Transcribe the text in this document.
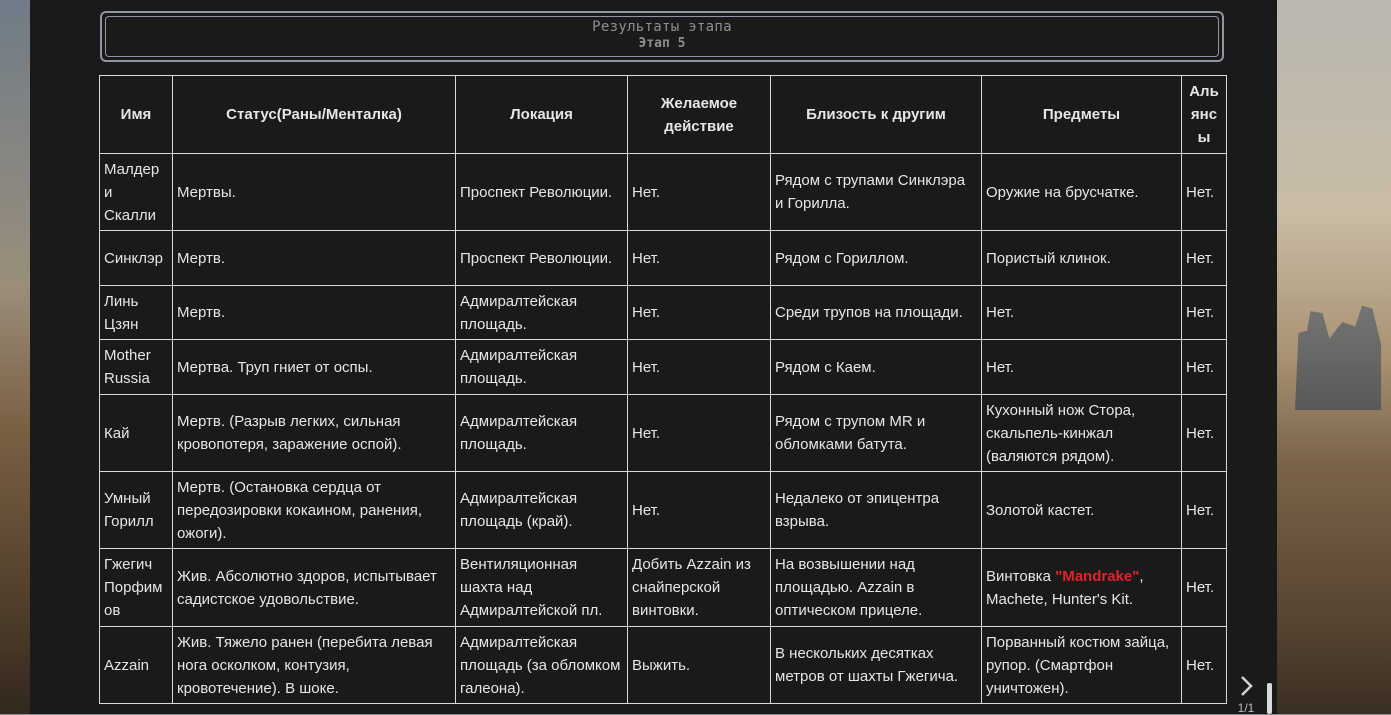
Результаты этапа
Этап 5
Имя	Статус(Раны/Менталка)	Локация	Желаемое действие	Близость к другим	Предметы	Альянсы
Малдер и Скалли	Мертвы.	Проспект Революции.	Нет.	Рядом с трупами Синклэра и Горилла.	Оружие на брусчатке.	Нет.
Синклэр	Мертв.	Проспект Революции.	Нет.	Рядом с Гориллом.	Пористый клинок.	Нет.
Линь Цзян	Мертв.	Адмиралтейская площадь.	Нет.	Среди трупов на площади.	Нет.	Нет.
Mother Russia	Мертва. Труп гниет от оспы.	Адмиралтейская площадь.	Нет.	Рядом с Каем.	Нет.	Нет.
Кай	Мертв. (Разрыв легких, сильная кровопотеря, заражение оспой).	Адмиралтейская площадь.	Нет.	Рядом с трупом MR и обломками батута.	Кухонный нож Стора, скальпель-кинжал (валяются рядом).	Нет.
Умный Горилл	Мертв. (Остановка сердца от передозировки кокаином, ранения, ожоги).	Адмиралтейская площадь (край).	Нет.	Недалеко от эпицентра взрыва.	Золотой кастет.	Нет.
Гжегич Порфимов	Жив. Абсолютно здоров, испытывает садистское удовольствие.	Вентиляционная шахта над Адмиралтейской пл.	Добить Azzain из снайперской винтовки.	На возвышении над площадью. Azzain в оптическом прицеле.	Винтовка "Mandrake", Machete, Hunter's Kit.	Нет.
Azzain	Жив. Тяжело ранен (перебита левая нога осколком, контузия, кровотечение). В шоке.	Адмиралтейская площадь (за обломком галеона).	Выжить.	В нескольких десятках метров от шахты Гжегича.	Порванный костюм зайца, рупор. (Смартфон уничтожен).	Нет.
1/1
